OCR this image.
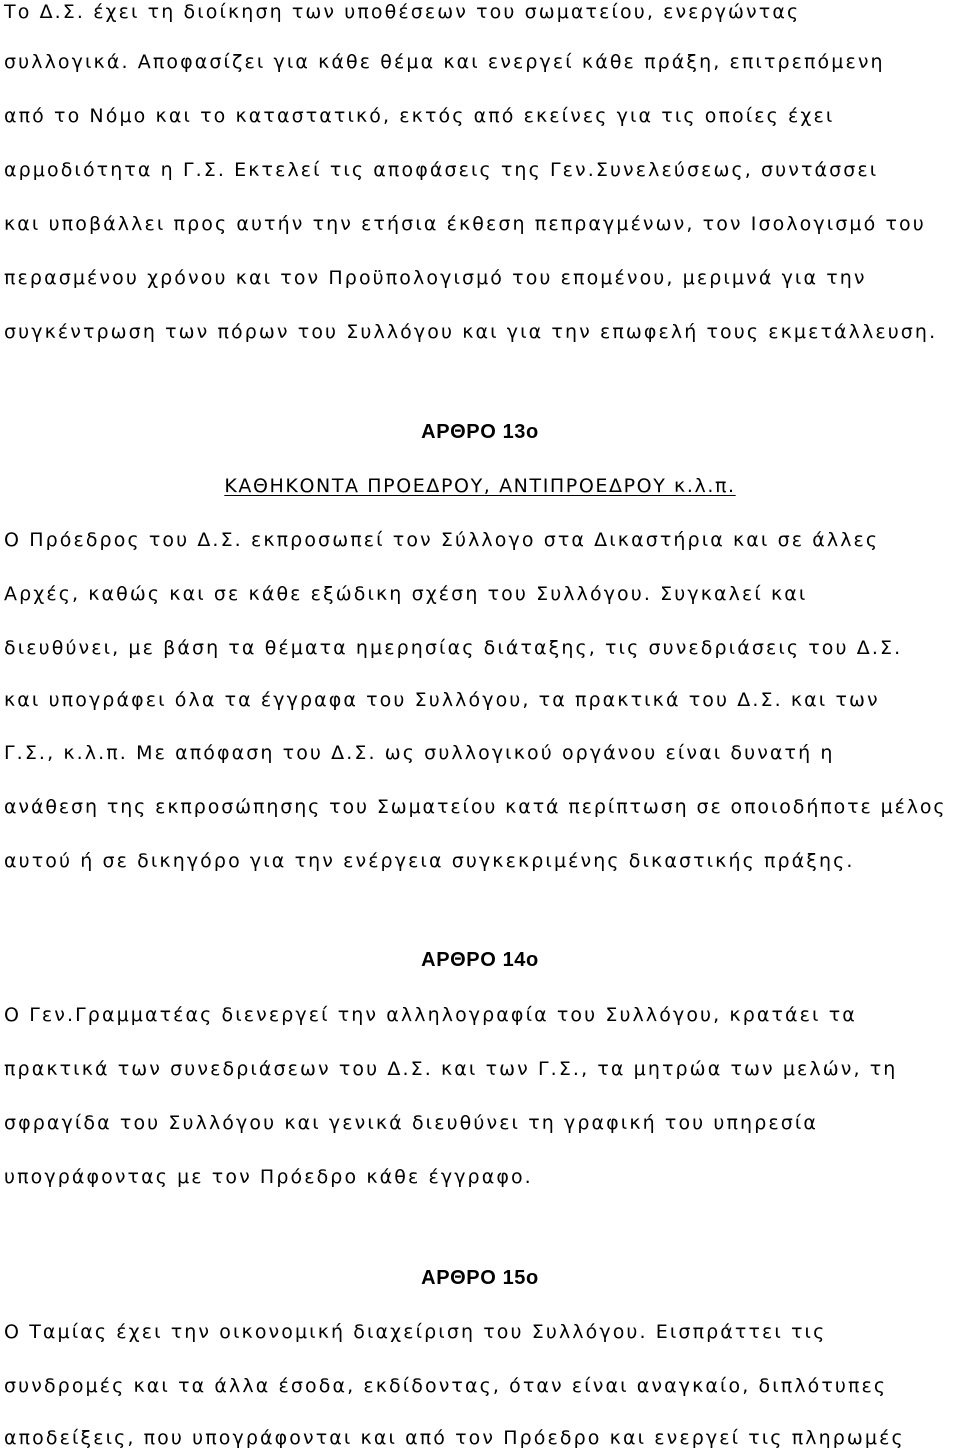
Το Δ.Σ. έχει τη διοίκηση των υποθέσεων του σωματείου, ενεργώντας
συλλογικά. Αποφασίζει για κάθε θέμα και ενεργεί κάθε πράξη, επιτρεπόμενη
από το Νόμο και το καταστατικό, εκτός από εκείνες για τις οποίες έχει
αρμοδιότητα η Γ.Σ. Εκτελεί τις αποφάσεις της Γεν.Συνελεύσεως, συντάσσει
και υποβάλλει προς αυτήν την ετήσια έκθεση πεπραγμένων, τον Ισολογισμό του
περασμένου χρόνου και τον Προϋπολογισμό του επομένου, μεριμνά για την
συγκέντρωση των πόρων του Συλλόγου και για την επωφελή τους εκμετάλλευση.
ΑΡΘΡΟ 13ο
ΚΑΘΗΚΟΝΤΑ ΠΡΟΕΔΡΟΥ, ΑΝΤΙΠΡΟΕΔΡΟΥ κ.λ.π.
Ο Πρόεδρος του Δ.Σ. εκπροσωπεί τον Σύλλογο στα Δικαστήρια και σε άλλες
Αρχές, καθώς και σε κάθε εξώδικη σχέση του Συλλόγου. Συγκαλεί και
διευθύνει, με βάση τα θέματα ημερησίας διάταξης, τις συνεδριάσεις του Δ.Σ.
και υπογράφει όλα τα έγγραφα του Συλλόγου, τα πρακτικά του Δ.Σ. και των
Γ.Σ., κ.λ.π. Με απόφαση του Δ.Σ. ως συλλογικού οργάνου είναι δυνατή η
ανάθεση της εκπροσώπησης του Σωματείου κατά περίπτωση σε οποιοδήποτε μέλος
αυτού ή σε δικηγόρο για την ενέργεια συγκεκριμένης δικαστικής πράξης.
ΑΡΘΡΟ 14ο
Ο Γεν.Γραμματέας διενεργεί την αλληλογραφία του Συλλόγου, κρατάει τα
πρακτικά των συνεδριάσεων του Δ.Σ. και των Γ.Σ., τα μητρώα των μελών, τη
σφραγίδα του Συλλόγου και γενικά διευθύνει τη γραφική του υπηρεσία
υπογράφοντας με τον Πρόεδρο κάθε έγγραφο.
ΑΡΘΡΟ 15ο
Ο Ταμίας έχει την οικονομική διαχείριση του Συλλόγου. Εισπράττει τις
συνδρομές και τα άλλα έσοδα, εκδίδοντας, όταν είναι αναγκαίο, διπλότυπες
αποδείξεις, που υπογράφονται και από τον Πρόεδρο και ενεργεί τις πληρωμές
